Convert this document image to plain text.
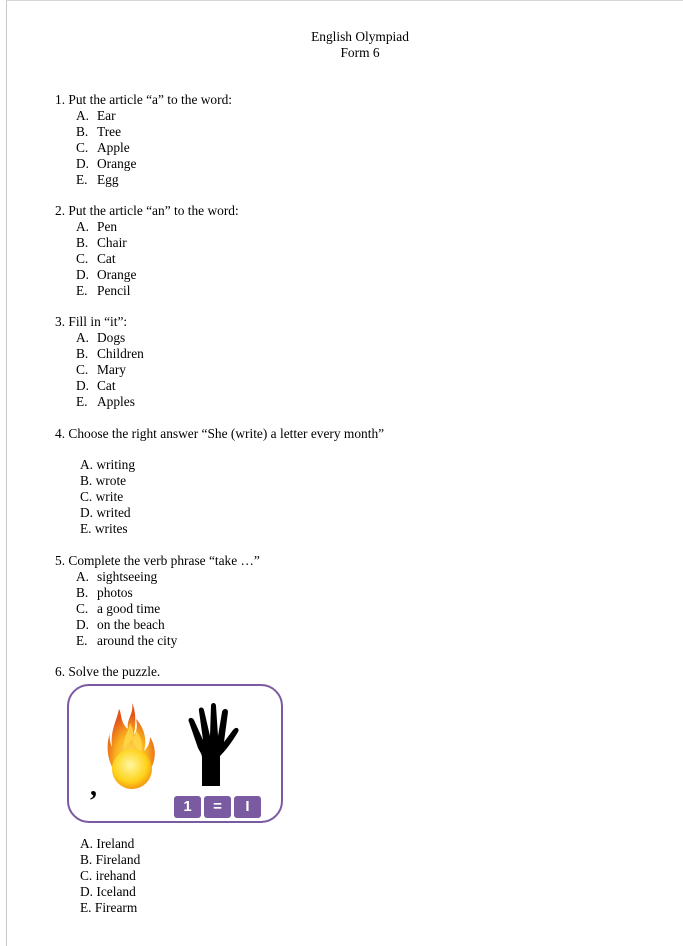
English Olympiad
Form 6
1. Put the article “a” to the word:
A. Ear
B. Tree
C. Apple
D. Orange
E. Egg
2. Put the article “an” to the word:
A. Pen
B. Chair
C. Cat
D. Orange
E. Pencil
3. Fill in “it”:
A. Dogs
B. Children
C. Mary
D. Cat
E. Apples
4. Choose the right answer “She (write) a letter every month”
A. writing
B. wrote
C. write
D. writed
E. writes
5. Complete the verb phrase “take …”
A. sightseeing
B. photos
C. a good time
D. on the beach
E. around the city
6. Solve the puzzle.
,
1	=	I
A. Ireland
B. Fireland
C. irehand
D. Iceland
E. Firearm
